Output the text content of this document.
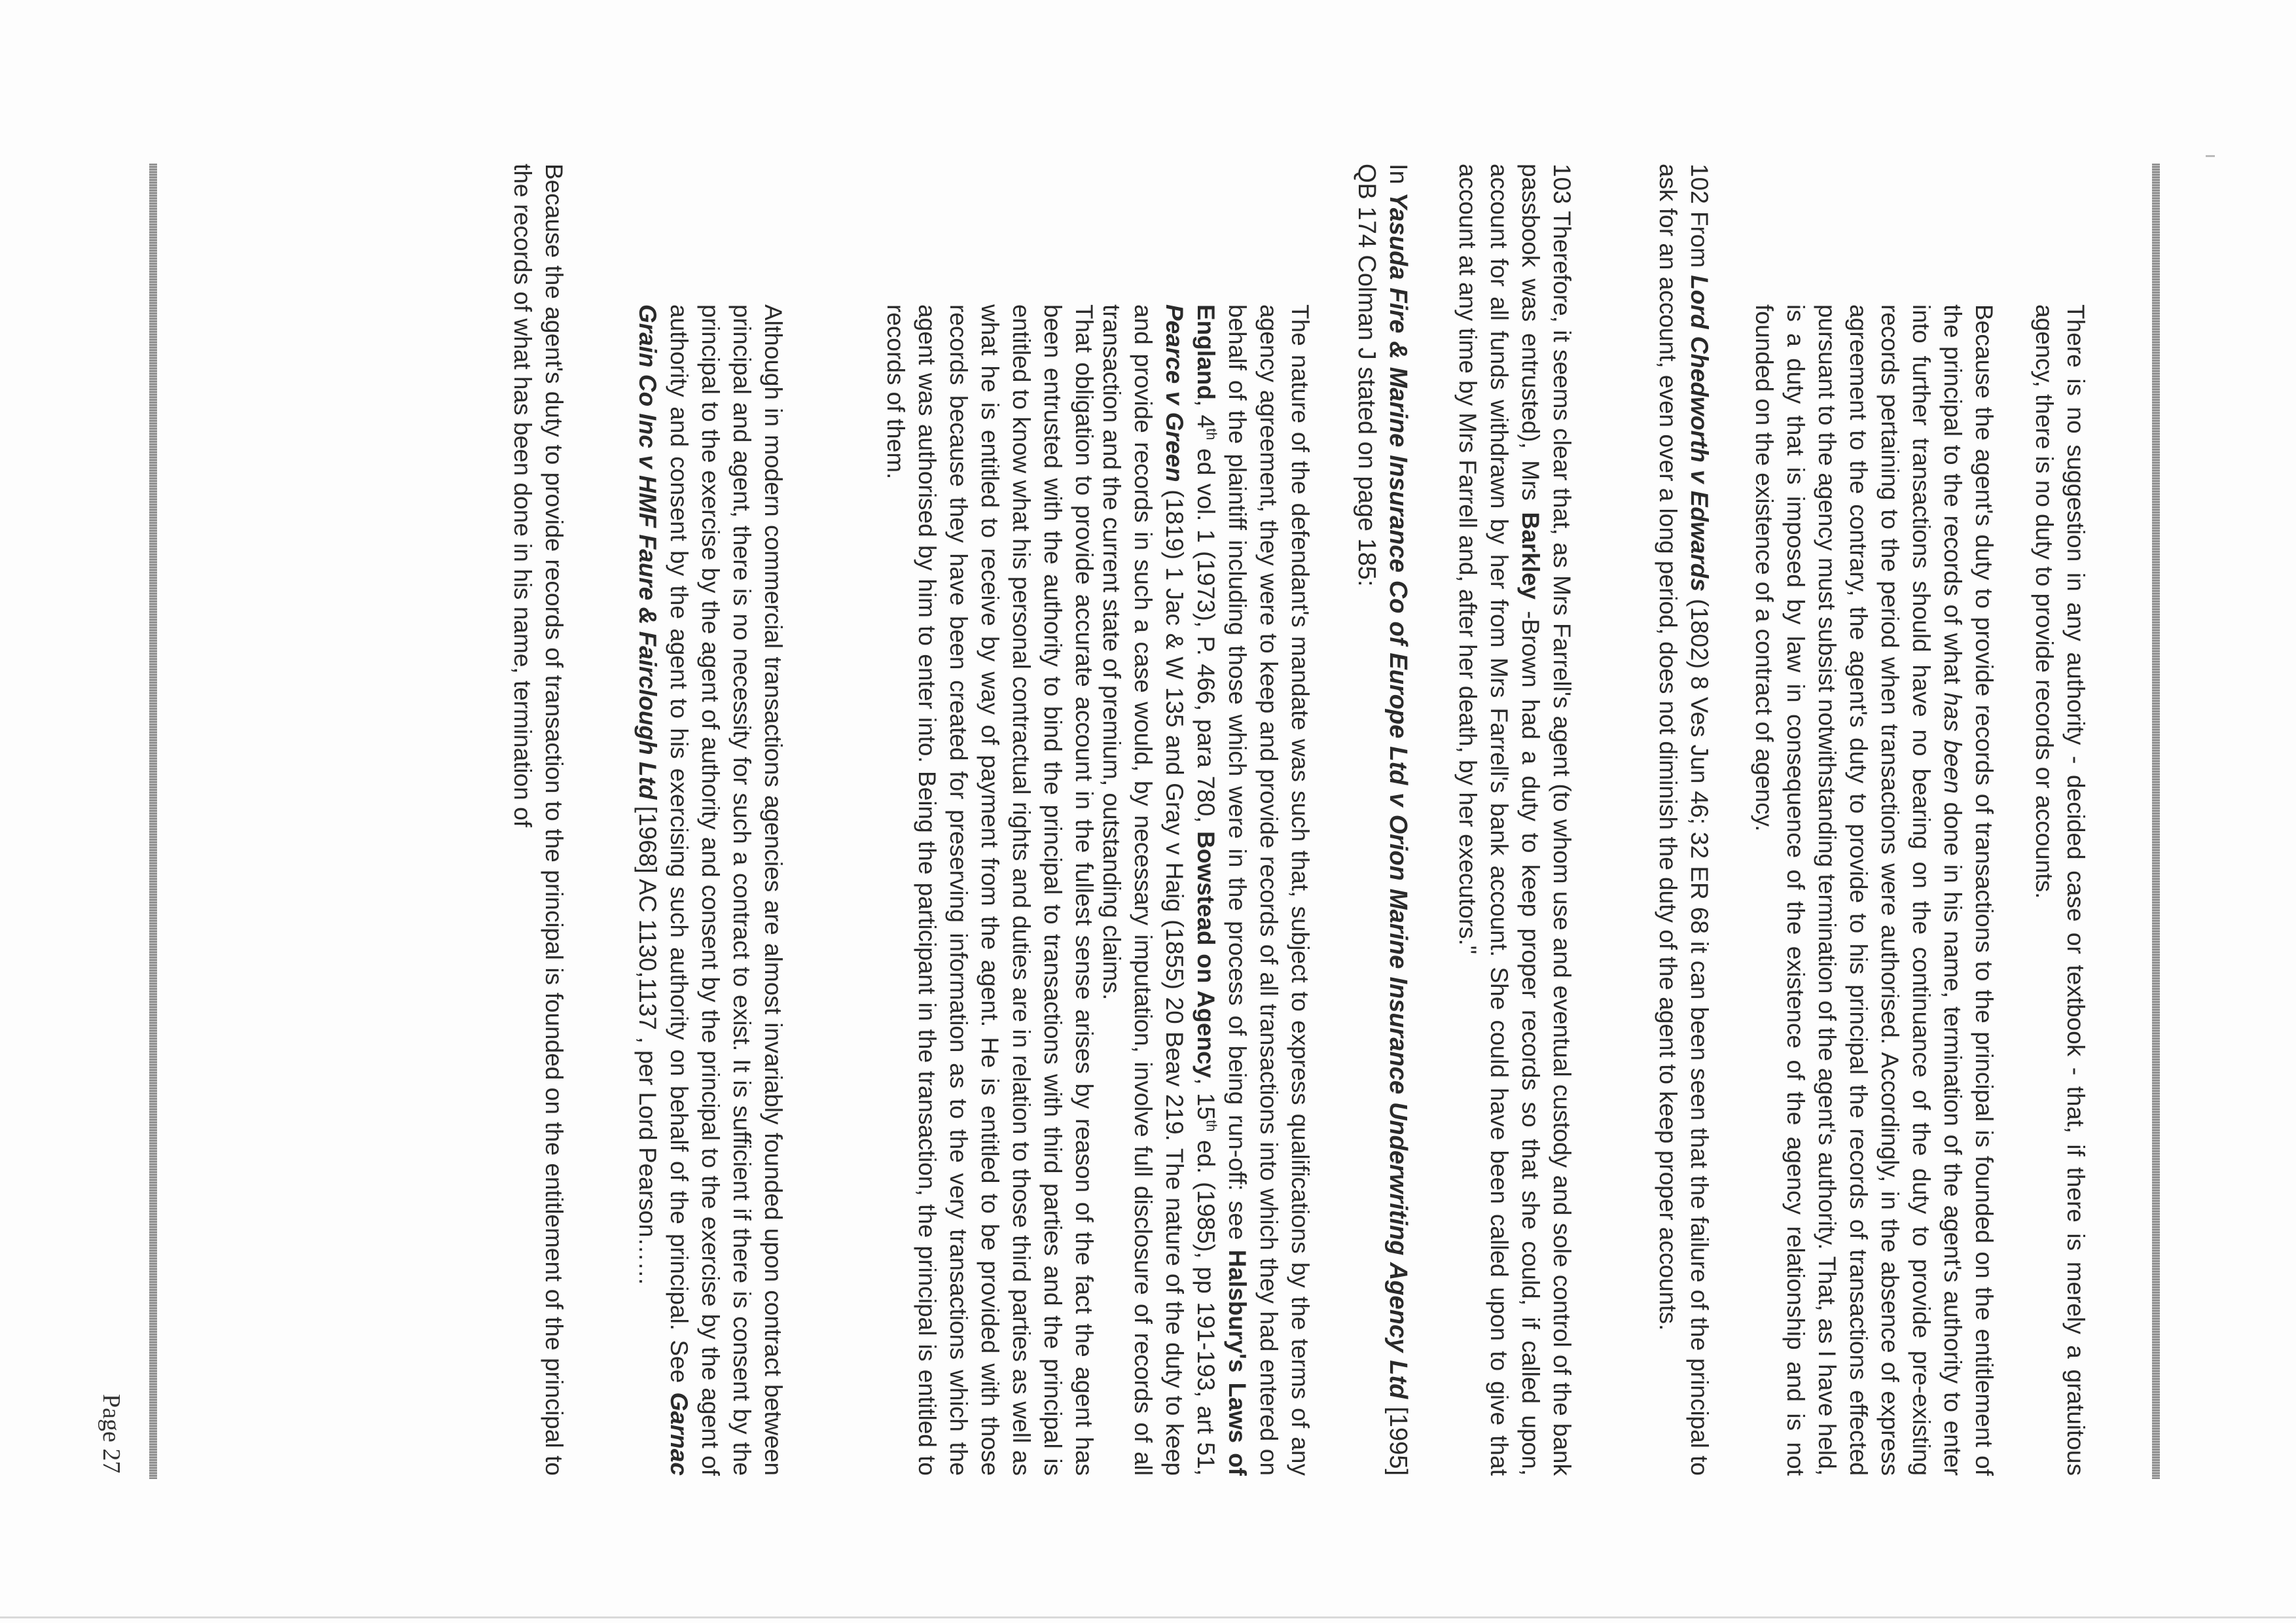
There is no suggestion in any authority - decided case or textbook - that, if there is merely a gratuitous agency, there is no duty to provide records or accounts.

Because the agent's duty to provide records of transactions to the principal is founded on the entitlement of the principal to the records of what has been done in his name, termination of the agent's authority to enter into further transactions should have no bearing on the continuance of the duty to provide pre-existing records pertaining to the period when transactions were authorised. Accordingly, in the absence of express agreement to the contrary, the agent's duty to provide to his principal the records of transactions effected pursuant to the agency must subsist notwithstanding termination of the agent's authority. That, as I have held, is a duty that is imposed by law in consequence of the existence of the agency relationship and is not founded on the existence of a contract of agency.

102 From Lord Chedworth v Edwards (1802) 8 Ves Jun 46; 32 ER 68 it can been seen that the failure of the principal to ask for an account, even over a long period, does not diminish the duty of the agent to keep proper accounts.

103 Therefore, it seems clear that, as Mrs Farrell's agent (to whom use and eventual custody and sole control of the bank passbook was entrusted), Mrs Barkley -Brown had a duty to keep proper records so that she could, if called upon, account for all funds withdrawn by her from Mrs Farrell's bank account. She could have been called upon to give that account at any time by Mrs Farrell and, after her death, by her executors."

In Yasuda Fire & Marine Insurance Co of Europe Ltd v Orion Marine Insurance Underwriting Agency Ltd [1995] QB 174 Colman J stated on page 185:

The nature of the defendant's mandate was such that, subject to express qualifications by the terms of any agency agreement, they were to keep and provide records of all transactions into which they had entered on behalf of the plaintiff including those which were in the process of being run-off: see Halsbury's Laws of England, 4th ed vol. 1 (1973), P. 466, para 780, Bowstead on Agency, 15th ed. (1985), pp 191-193, art 51, Pearce v Green (1819) 1 Jac & W 135 and Gray v Haig (1855) 20 Beav 219. The nature of the duty to keep and provide records in such a case would, by necessary imputation, involve full disclosure of records of all transaction and the current state of premium, outstanding claims.

That obligation to provide accurate account in the fullest sense arises by reason of the fact the agent has been entrusted with the authority to bind the principal to transactions with third parties and the principal is entitled to know what his personal contractual rights and duties are in relation to those third parties as well as what he is entitled to receive by way of payment from the agent. He is entitled to be provided with those records because they have been created for preserving information as to the very transactions which the agent was authorised by him to enter into. Being the participant in the transaction, the principal is entitled to records of them.

Although in modern commercial transactions agencies are almost invariably founded upon contract between principal and agent, there is no necessity for such a contract to exist. It is sufficient if there is consent by the principal to the exercise by the agent of authority and consent by the principal to the exercise by the agent of authority and consent by the agent to his exercising such authority on behalf of the principal. See Garnac Grain Co Inc v HMF Faure & Fairclough Ltd [1968] AC 1130,1137 , per Lord Pearson……

Because the agent's duty to provide records of transaction to the principal is founded on the entitlement of the principal to the records of what has been done in his name, termination of

Page 27
